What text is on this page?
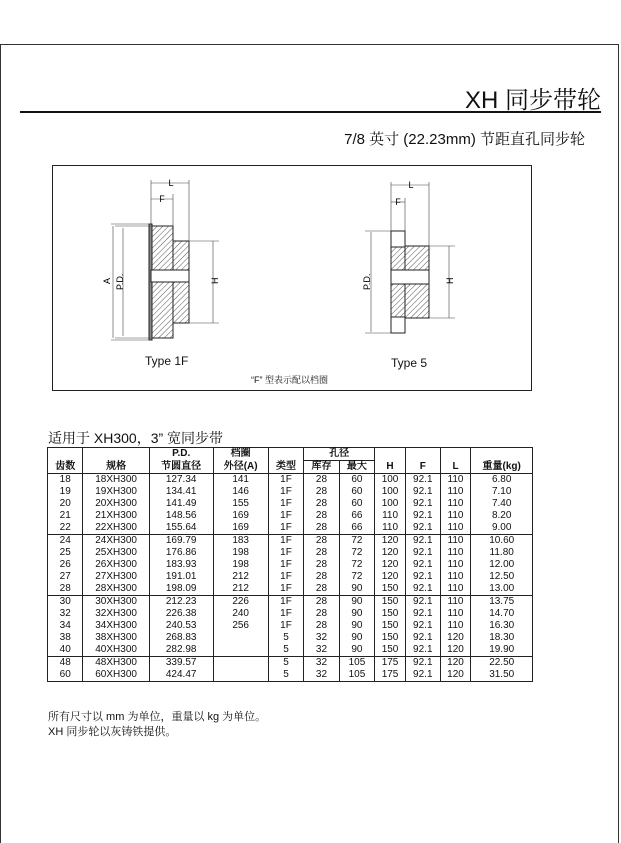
XH 同步带轮
7/8 英寸 (22.23mm) 节距直孔同步轮
L
F
A P.D.	H
L
F
P.D.	H
Type 1F	Type 5
“F” 型表示配以档圈
适用于 XH300，3” 宽同步带
		P.D.	档圈		孔径					
齿数	规格	节圆直径	外径(A)	类型	库存	最大	H	F	L	重量(kg)
18	18XH300	127.34	141	1F	28	60	100	92.1	110	6.80
19	19XH300	134.41	146	1F	28	60	100	92.1	110	7.10
20	20XH300	141.49	155	1F	28	60	100	92.1	110	7.40
21	21XH300	148.56	169	1F	28	66	110	92.1	110	8.20
22	22XH300	155.64	169	1F	28	66	110	92.1	110	9.00
24	24XH300	169.79	183	1F	28	72	120	92.1	110	10.60
25	25XH300	176.86	198	1F	28	72	120	92.1	110	11.80
26	26XH300	183.93	198	1F	28	72	120	92.1	110	12.00
27	27XH300	191.01	212	1F	28	72	120	92.1	110	12.50
28	28XH300	198.09	212	1F	28	90	150	92.1	110	13.00
30	30XH300	212.23	226	1F	28	90	150	92.1	110	13.75
32	32XH300	226.38	240	1F	28	90	150	92.1	110	14.70
34	34XH300	240.53	256	1F	28	90	150	92.1	110	16.30
38	38XH300	268.83		5	32	90	150	92.1	120	18.30
40	40XH300	282.98		5	32	90	150	92.1	120	19.90
48	48XH300	339.57		5	32	105	175	92.1	120	22.50
60	60XH300	424.47		5	32	105	175	92.1	120	31.50
所有尺寸以 mm 为单位，重量以 kg 为单位。
XH 同步轮以灰铸铁提供。
